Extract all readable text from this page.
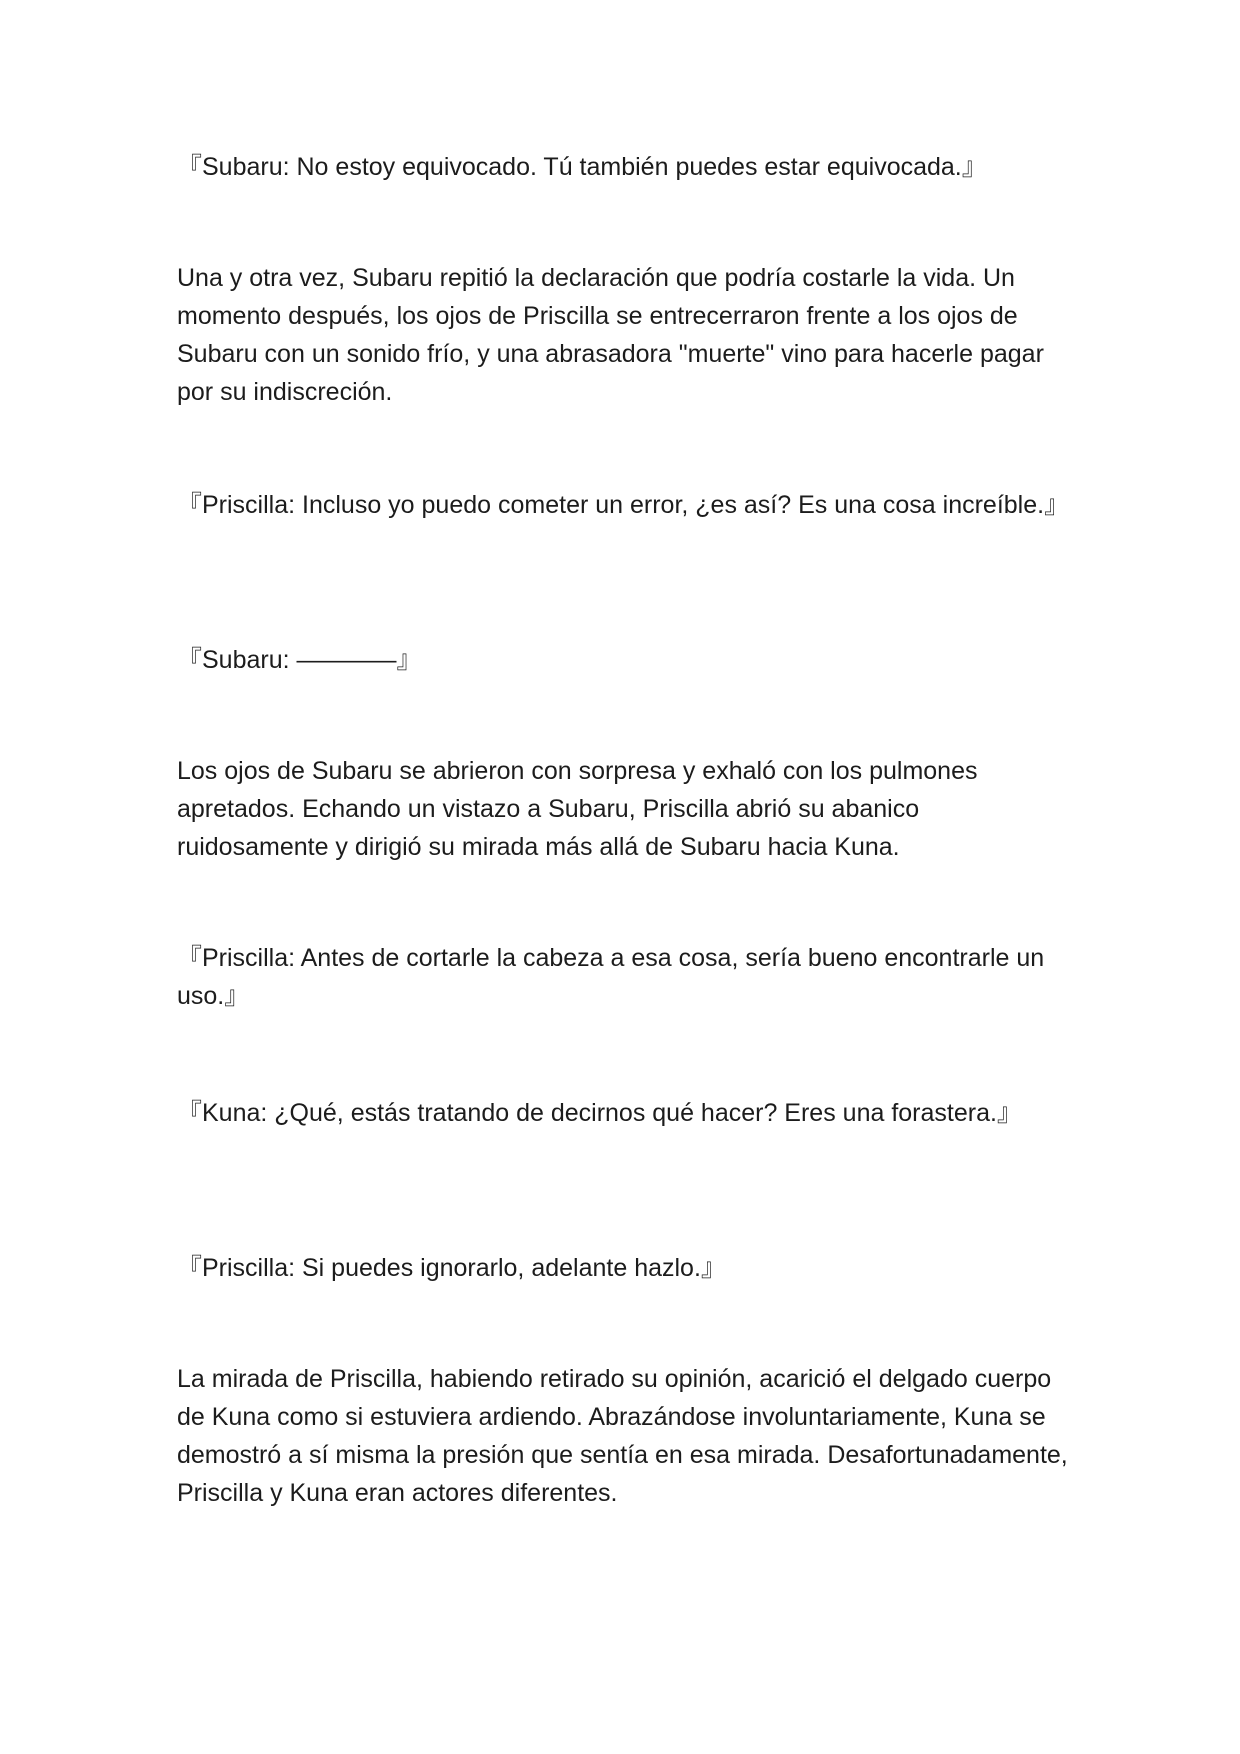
『Subaru: No estoy equivocado. Tú también puedes estar equivocada.』

Una y otra vez, Subaru repitió la declaración que podría costarle la vida. Un momento después, los ojos de Priscilla se entrecerraron frente a los ojos de Subaru con un sonido frío, y una abrasadora "muerte" vino para hacerle pagar por su indiscreción.

『Priscilla: Incluso yo puedo cometer un error, ¿es así? Es una cosa increíble.』

『Subaru: ————』

Los ojos de Subaru se abrieron con sorpresa y exhaló con los pulmones apretados. Echando un vistazo a Subaru, Priscilla abrió su abanico ruidosamente y dirigió su mirada más allá de Subaru hacia Kuna.

『Priscilla: Antes de cortarle la cabeza a esa cosa, sería bueno encontrarle un uso.』

『Kuna: ¿Qué, estás tratando de decirnos qué hacer? Eres una forastera.』

『Priscilla: Si puedes ignorarlo, adelante hazlo.』

La mirada de Priscilla, habiendo retirado su opinión, acarició el delgado cuerpo de Kuna como si estuviera ardiendo. Abrazándose involuntariamente, Kuna se demostró a sí misma la presión que sentía en esa mirada. Desafortunadamente, Priscilla y Kuna eran actores diferentes.
